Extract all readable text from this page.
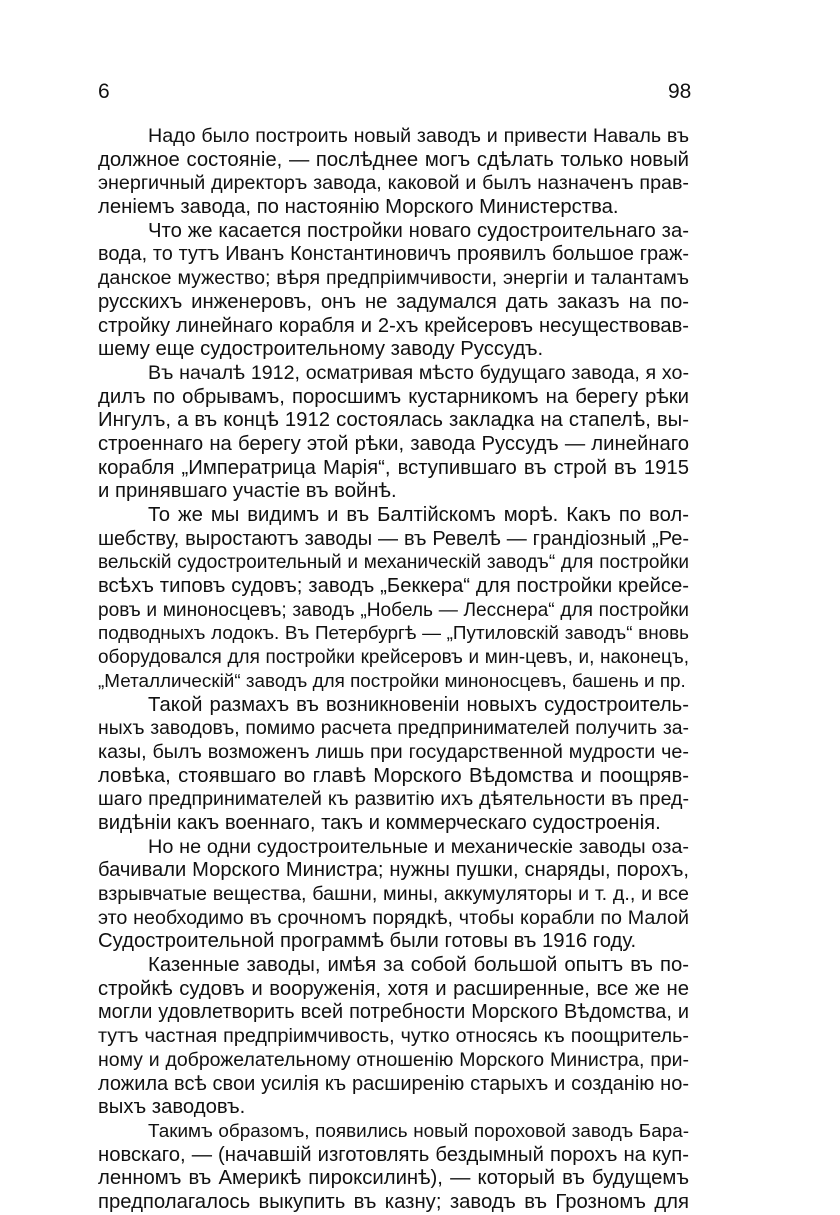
6	98
Надо было построить новый заводъ и привести Наваль въ
должное состоянiе, — послѣднее могъ сдѣлать только новый
энергичный директоръ завода, каковой и былъ назначенъ прав-
ленiемъ завода, по настоянiю Морского Министерства.
Что же касается постройки новаго судостроительнаго за-
вода, то тутъ Иванъ Константиновичъ проявилъ большое граж-
данское мужество; вѣря предпрiимчивости, энергiи и талантамъ
русскихъ инженеровъ, онъ не задумался дать заказъ на по-
стройку линейнаго корабля и 2-хъ крейсеровъ несуществовав-
шему еще судостроительному заводу Руссудъ.
Въ началѣ 1912, осматривая мѣсто будущаго завода, я хо-
дилъ по обрывамъ, поросшимъ кустарникомъ на берегу рѣки
Ингулъ, а въ концѣ 1912 состоялась закладка на стапелѣ, вы-
строеннаго на берегу этой рѣки, завода Руссудъ — линейнаго
корабля „Императрица Марiя“, вступившаго въ строй въ 1915
и принявшаго участiе въ войнѣ.
То же мы видимъ и въ Балтiйскомъ морѣ. Какъ по вол-
шебству, выростаютъ заводы — въ Ревелѣ — грандiозный „Ре-
вельскiй судостроительный и механическiй заводъ“ для постройки
всѣхъ типовъ судовъ; заводъ „Беккера“ для постройки крейсе-
ровъ и миноносцевъ; заводъ „Нобель — Лесснера“ для постройки
подводныхъ лодокъ. Въ Петербургѣ — „Путиловскiй заводъ“ вновь
оборудовался для постройки крейсеровъ и мин-цевъ, и, наконецъ,
„Металлическiй“ заводъ для постройки миноносцевъ, башень и пр.
Такой размахъ въ возникновенiи новыхъ судостроитель-
ныхъ заводовъ, помимо расчета предпринимателей получить за-
казы, былъ возможенъ лишь при государственной мудрости че-
ловѣка, стоявшаго во главѣ Морского Вѣдомства и поощряв-
шаго предпринимателей къ развитiю ихъ дѣятельности въ пред-
видѣнiи какъ военнаго, такъ и коммерческаго судостроенiя.
Но не одни судостроительные и механическiе заводы оза-
бачивали Морского Министра; нужны пушки, снаряды, порохъ,
взрывчатые вещества, башни, мины, аккумуляторы и т. д., и все
это необходимо въ срочномъ порядкѣ, чтобы корабли по Малой
Судостроительной программѣ были готовы въ 1916 году.
Казенные заводы, имѣя за собой большой опытъ въ по-
стройкѣ судовъ и вооруженiя, хотя и расширенные, все же не
могли удовлетворить всей потребности Морского Вѣдомства, и
тутъ частная предпрiимчивость, чутко относясь къ поощритель-
ному и доброжелательному отношенiю Морского Министра, при-
ложила всѣ свои усилiя къ расширенiю старыхъ и созданiю но-
выхъ заводовъ.
Такимъ образомъ, появились новый пороховой заводъ Бара-
новскаго, — (начавшiй изготовлять бездымный порохъ на куп-
ленномъ въ Америкѣ пироксилинѣ), — который въ будущемъ
предполагалось выкупить въ казну; заводъ въ Грозномъ для
